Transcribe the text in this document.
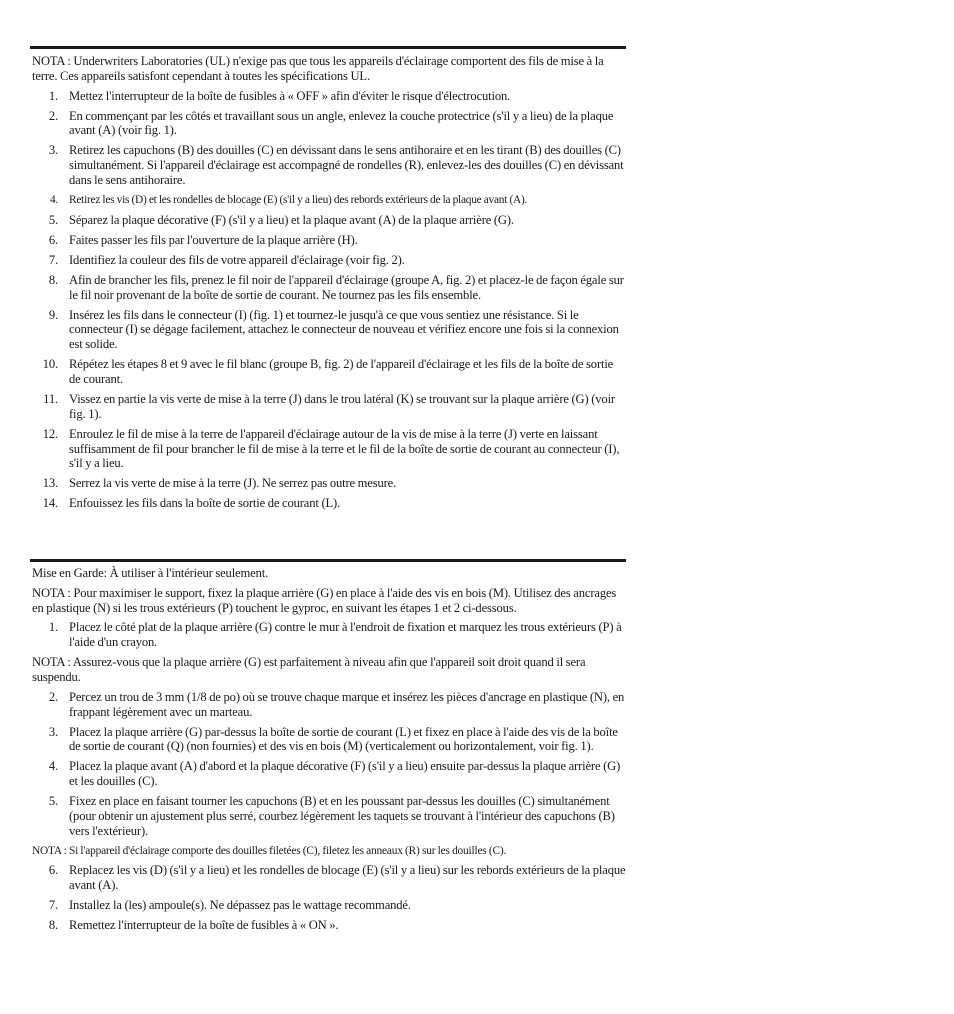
NOTA : Underwriters Laboratories (UL) n'exige pas que tous les appareils d'éclairage comportent des fils de mise à la terre. Ces appareils satisfont cependant à toutes les spécifications UL.

1. Mettez l'interrupteur de la boîte de fusibles à « OFF » afin d'éviter le risque d'électrocution.
2. En commençant par les côtés et travaillant sous un angle, enlevez la couche protectrice (s'il y a lieu) de la plaque avant (A) (voir fig. 1).
3. Retirez les capuchons (B) des douilles (C) en dévissant dans le sens antihoraire et en les tirant (B) des douilles (C) simultanément. Si l'appareil d'éclairage est accompagné de rondelles (R), enlevez-les des douilles (C) en dévissant dans le sens antihoraire.
4. Retirez les vis (D) et les rondelles de blocage (E) (s'il y a lieu) des rebords extérieurs de la plaque avant (A).
5. Séparez la plaque décorative (F) (s'il y a lieu) et la plaque avant (A) de la plaque arrière (G).
6. Faites passer les fils par l'ouverture de la plaque arrière (H).
7. Identifiez la couleur des fils de votre appareil d'éclairage (voir fig. 2).
8. Afin de brancher les fils, prenez le fil noir de l'appareil d'éclairage (groupe A, fig. 2) et placez-le de façon égale sur le fil noir provenant de la boîte de sortie de courant. Ne tournez pas les fils ensemble.
9. Insérez les fils dans le connecteur (I) (fig. 1) et tournez-le jusqu'à ce que vous sentiez une résistance. Si le connecteur (I) se dégage facilement, attachez le connecteur de nouveau et vérifiez encore une fois si la connexion est solide.
10. Répétez les étapes 8 et 9 avec le fil blanc (groupe B, fig. 2) de l'appareil d'éclairage et les fils de la boîte de sortie de courant.
11. Vissez en partie la vis verte de mise à la terre (J) dans le trou latéral (K) se trouvant sur la plaque arrière (G) (voir fig. 1).
12. Enroulez le fil de mise à la terre de l'appareil d'éclairage autour de la vis de mise à la terre (J) verte en laissant suffisamment de fil pour brancher le fil de mise à la terre et le fil de la boîte de sortie de courant au connecteur (I), s'il y a lieu.
13. Serrez la vis verte de mise à la terre (J). Ne serrez pas outre mesure.
14. Enfouissez les fils dans la boîte de sortie de courant (L).

Mise en Garde: À utiliser à l'intérieur seulement.

NOTA : Pour maximiser le support, fixez la plaque arrière (G) en place à l'aide des vis en bois (M). Utilisez des ancrages en plastique (N) si les trous extérieurs (P) touchent le gyproc, en suivant les étapes 1 et 2 ci-dessous.

1. Placez le côté plat de la plaque arrière (G) contre le mur à l'endroit de fixation et marquez les trous extérieurs (P) à l'aide d'un crayon.

NOTA : Assurez-vous que la plaque arrière (G) est parfaitement à niveau afin que l'appareil soit droit quand il sera suspendu.

2. Percez un trou de 3 mm (1/8 de po) où se trouve chaque marque et insérez les pièces d'ancrage en plastique (N), en frappant légèrement avec un marteau.
3. Placez la plaque arrière (G) par-dessus la boîte de sortie de courant (L) et fixez en place à l'aide des vis de la boîte de sortie de courant (Q) (non fournies) et des vis en bois (M) (verticalement ou horizontalement, voir fig. 1).
4. Placez la plaque avant (A) d'abord et la plaque décorative (F) (s'il y a lieu) ensuite par-dessus la plaque arrière (G) et les douilles (C).
5. Fixez en place en faisant tourner les capuchons (B) et en les poussant par-dessus les douilles (C) simultanément (pour obtenir un ajustement plus serré, courbez légèrement les taquets se trouvant à l'intérieur des capuchons (B) vers l'extérieur).

NOTA : Si l'appareil d'éclairage comporte des douilles filetées (C), filetez les anneaux (R) sur les douilles (C).

6. Replacez les vis (D) (s'il y a lieu) et les rondelles de blocage (E) (s'il y a lieu) sur les rebords extérieurs de la plaque avant (A).
7. Installez la (les) ampoule(s). Ne dépassez pas le wattage recommandé.
8. Remettez l'interrupteur de la boîte de fusibles à « ON ».
